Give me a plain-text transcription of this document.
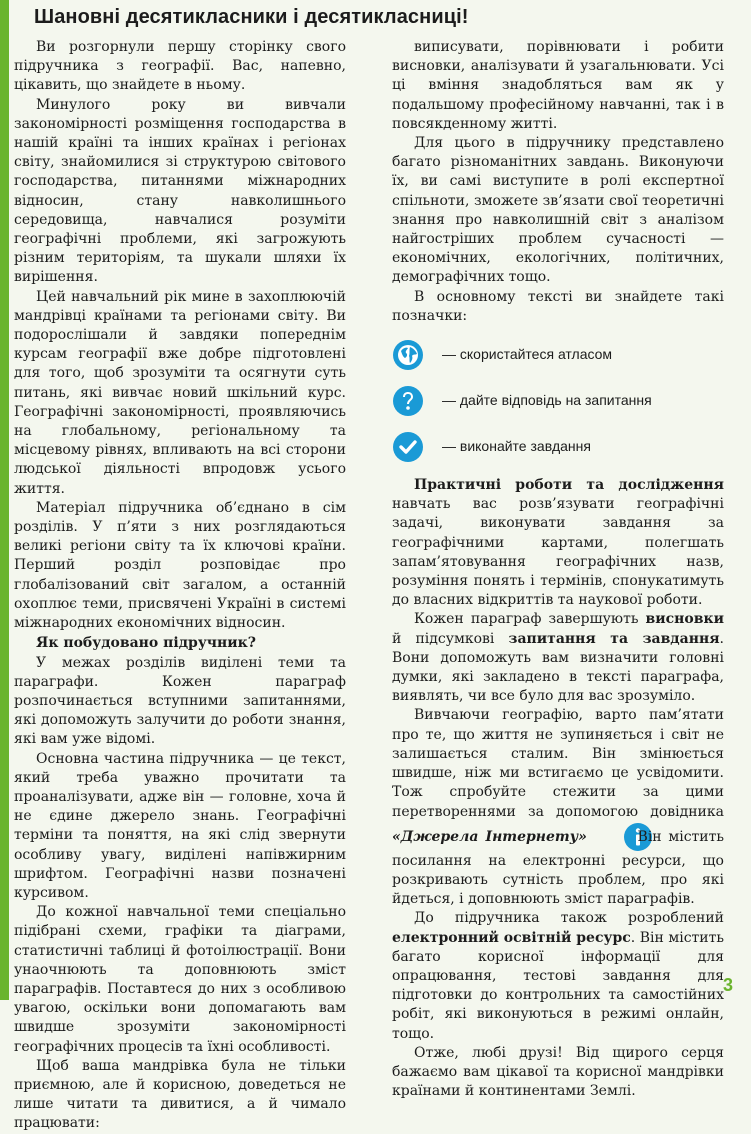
Шановні десятикласники і десятикласниці!

Ви розгорнули першу сторінку свого підручника з географії. Вас, напевно, цікавить, що знайдете в ньому.

Минулого року ви вивчали закономірності розміщення господарства в нашій країні та інших країнах і регіонах світу, знайомилися зі структурою світового господарства, питаннями міжнародних відносин, стану навколишнього середовища, навчалися розуміти географічні проблеми, які загрожують різним територіям, та шукали шляхи їх вирішення.

Цей навчальний рік мине в захоплюючій мандрівці країнами та регіонами світу. Ви подорослішали й завдяки попереднім курсам географії вже добре підготовлені для того, щоб зрозуміти та осягнути суть питань, які вивчає новий шкільний курс. Географічні закономірності, проявляючись на глобальному, регіональному та місцевому рівнях, впливають на всі сторони людської діяльності впродовж усього життя.

Матеріал підручника об’єднано в сім розділів. У п’яти з них розглядаються великі регіони світу та їх ключові країни. Перший розділ розповідає про глобалізований світ загалом, а останній охоплює теми, присвячені Україні в системі міжнародних економічних відносин.

Як побудовано підручник?

У межах розділів виділені теми та параграфи. Кожен параграф розпочинається вступними запитаннями, які допоможуть залучити до роботи знання, які вам уже відомі.

Основна частина підручника — це текст, який треба уважно прочитати та проаналізувати, адже він — головне, хоча й не єдине джерело знань. Географічні терміни та поняття, на які слід звернути особливу увагу, виділені напівжирним шрифтом. Географічні назви позначені курсивом.

До кожної навчальної теми спеціально підібрані схеми, графіки та діаграми, статистичні таблиці й фотоілюстрації. Вони унаочнюють та доповнюють зміст параграфів. Поставтеся до них з особливою увагою, оскільки вони допомагають вам швидше зрозуміти закономірності географічних процесів та їхні особливості.

Щоб ваша мандрівка була не тільки приємною, але й корисною, доведеться не лише читати та дивитися, а й чимало працювати:

виписувати, порівнювати і робити висновки, аналізувати й узагальнювати. Усі ці вміння знадобляться вам як у подальшому професійному навчанні, так і в повсякденному житті.

Для цього в підручнику представлено багато різноманітних завдань. Виконуючи їх, ви самі виступите в ролі експертної спільноти, зможете зв’язати свої теоретичні знання про навколишній світ з аналізом найгостріших проблем сучасності — економічних, екологічних, політичних, демографічних тощо.

В основному тексті ви знайдете такі позначки:

— скористайтеся атласом
— дайте відповідь на запитання
— виконайте завдання

Практичні роботи та дослідження навчать вас розв’язувати географічні задачі, виконувати завдання за географічними картами, полегшать запам’ятовування географічних назв, розуміння понять і термінів, спонукатимуть до власних відкриттів та наукової роботи.

Кожен параграф завершують висновки й підсумкові запитання та завдання. Вони допоможуть вам визначити головні думки, які закладено в тексті параграфа, виявлять, чи все було для вас зрозуміло.

Вивчаючи географію, варто пам’ятати про те, що життя не зупиняється і світ не залишається сталим. Він змінюється швидше, ніж ми встигаємо це усвідомити. Тож спробуйте стежити за цими перетвореннями за допомогою довідника «Джерела Інтернету»	Він містить посилання на електронні ресурси, що розкривають сутність проблем, про які йдеться, і доповнюють зміст параграфів.

До підручника також розроблений електронний освітній ресурс. Він містить багато корисної інформації для опрацювання, тестові завдання для підготовки до контрольних та самостійних робіт, які виконуються в режимі онлайн, тощо.

Отже, любі друзі! Від щирого серця бажаємо вам цікавої та корисної мандрівки країнами й континентами Землі.

3
